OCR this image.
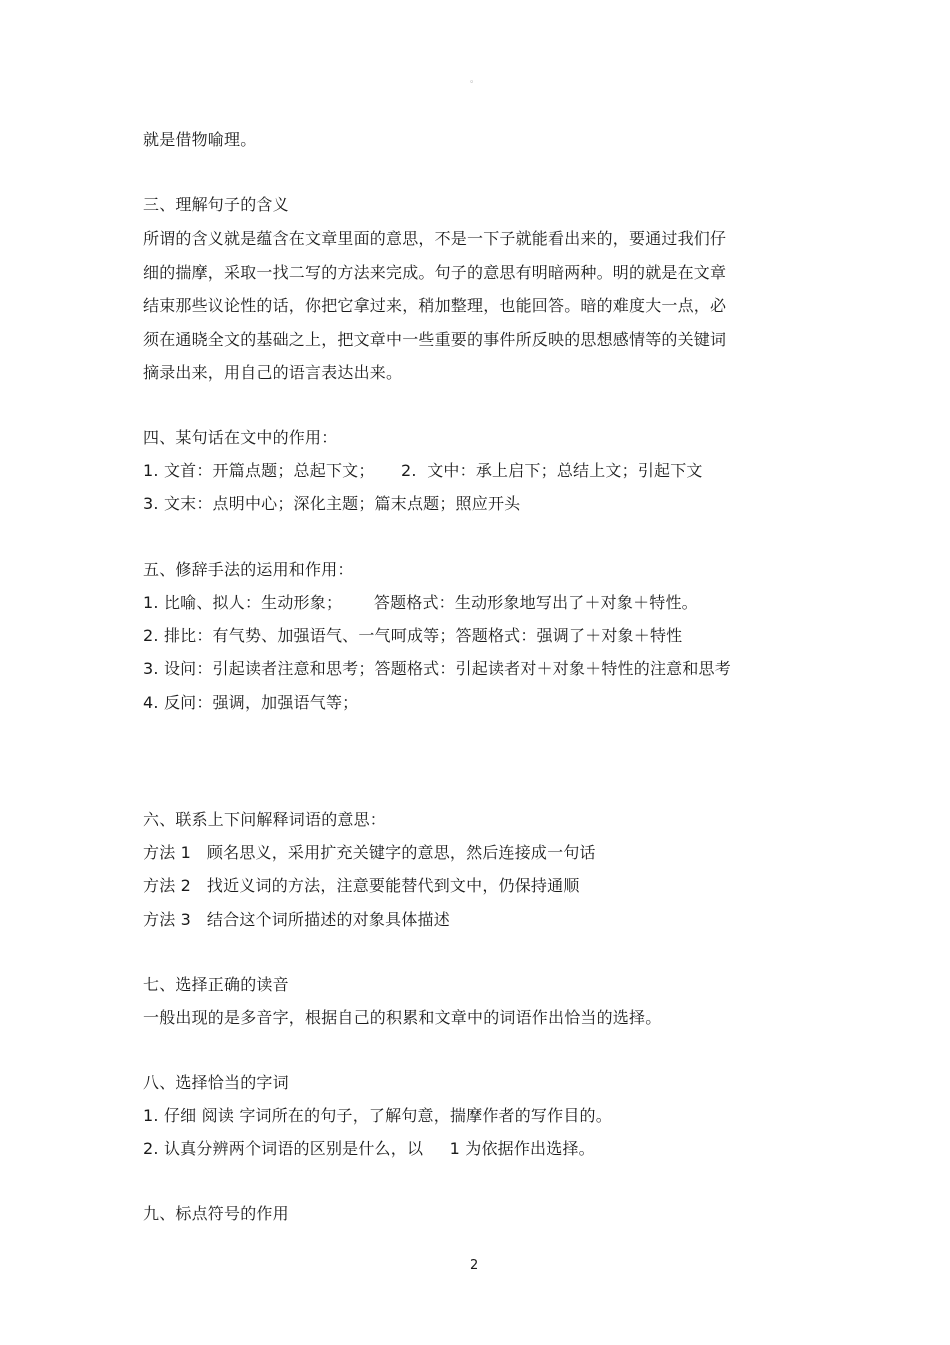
。
就是借物喻理。
三、理解句子的含义
所谓的含义就是蕴含在文章里面的意思，不是一下子就能看出来的，要通过我们仔
细的揣摩，采取一找二写的方法来完成。句子的意思有明暗两种。明的就是在文章
结束那些议论性的话，你把它拿过来，稍加整理，也能回答。暗的难度大一点，必
须在通晓全文的基础之上，把文章中一些重要的事件所反映的思想感情等的关键词
摘录出来，用自己的语言表达出来。
四、某句话在文中的作用：
1. 文首：开篇点题；总起下文；     2.  文中：承上启下；总结上文；引起下文
3. 文末：点明中心；深化主题；篇末点题；照应开头
五、修辞手法的运用和作用：
1. 比喻、拟人：生动形象；      答题格式：生动形象地写出了＋对象＋特性。
2. 排比：有气势、加强语气、一气呵成等；答题格式：强调了＋对象＋特性
3. 设问：引起读者注意和思考；答题格式：引起读者对＋对象＋特性的注意和思考
4. 反问：强调，加强语气等；
六、联系上下问解释词语的意思：
方法 1   顾名思义，采用扩充关键字的意思，然后连接成一句话
方法 2   找近义词的方法，注意要能替代到文中，仍保持通顺
方法 3   结合这个词所描述的对象具体描述
七、选择正确的读音
一般出现的是多音字，根据自己的积累和文章中的词语作出恰当的选择。
八、选择恰当的字词
1. 仔细 阅读 字词所在的句子，了解句意，揣摩作者的写作目的。
2. 认真分辨两个词语的区别是什么，以     1 为依据作出选择。
九、标点符号的作用
2
